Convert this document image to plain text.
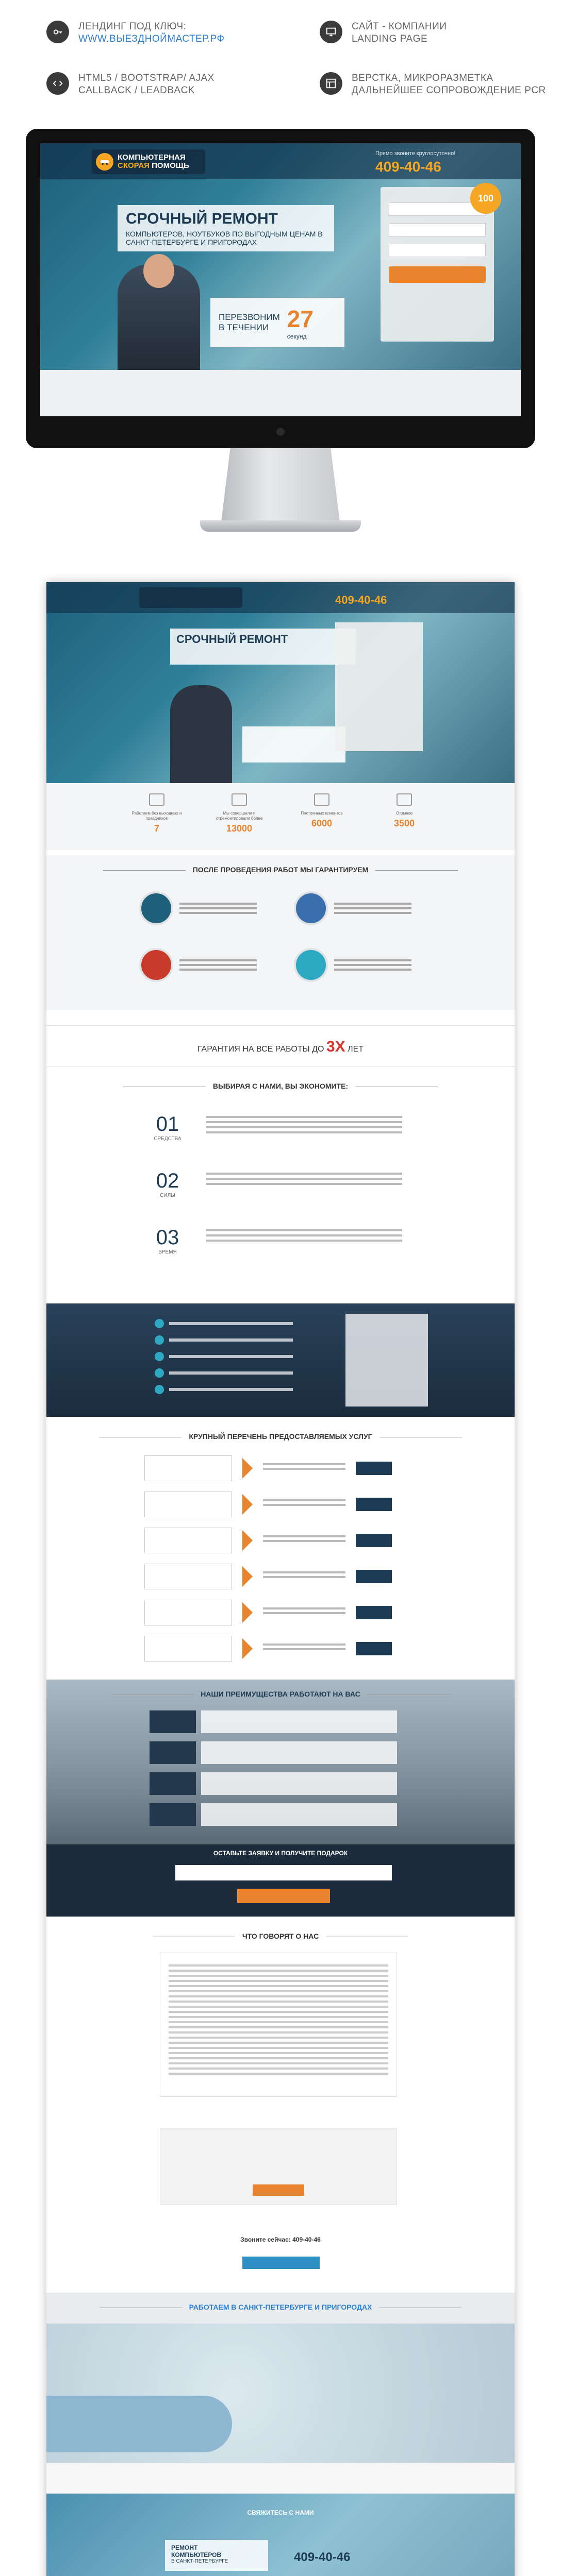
ЛЕНДИНГ ПОД КЛЮЧ:
WWW.ВЫЕЗДНОЙМАСТЕР.РФ
HTML5 / BOOTSTRAP/ AJAX
CALLBACK / LEADBACK
САЙТ - КОМПАНИИ
LANDING PAGE
ВЕРСТКА, МИКРОРАЗМЕТКА
ДАЛЬНЕЙШЕЕ СОПРОВОЖДЕНИЕ PCR
КОМПЬЮТЕРНАЯ
СКОРАЯ ПОМОЩЬ
Прямо звоните круглосуточно!
409-40-46
СРОЧНЫЙ РЕМОНТ

КОМПЬЮТЕРОВ, НОУТБУКОВ ПО ВЫГОДНЫМ ЦЕНАМ В САНКТ-ПЕТЕРБУРГЕ И ПРИГОРОДАХ

ПЕРЕЗВОНИМ
В ТЕЧЕНИИ 27
секунд
100
409-40-46
СРОЧНЫЙ РЕМОНТ
Работаем без выходных и праздников
7
Мы совершили и отремонтировали более
13000
Постоянных клиентов
6000
Отзывов
3500
ПОСЛЕ ПРОВЕДЕНИЯ РАБОТ МЫ ГАРАНТИРУЕМ
ГАРАНТИЯ НА ВСЕ РАБОТЫ ДО 3Х ЛЕТ
ВЫБИРАЯ С НАМИ, ВЫ ЭКОНОМИТЕ:
01
СРЕДСТВА
02
СИЛЫ
03
ВРЕМЯ
КРУПНЫЙ ПЕРЕЧЕНЬ ПРЕДОСТАВЛЯЕМЫХ УСЛУГ
НАШИ ПРЕИМУЩЕСТВА РАБОТАЮТ НА ВАС
ОСТАВЬТЕ ЗАЯВКУ И ПОЛУЧИТЕ ПОДАРОК
ЧТО ГОВОРЯТ О НАС
Звоните сейчас: 409-40-46
РАБОТАЕМ В САНКТ-ПЕТЕРБУРГЕ И ПРИГОРОДАХ
СВЯЖИТЕСЬ С НАМИ
РЕМОНТ
КОМПЬЮТЕРОВ
В САНКТ-ПЕТЕРБУРГЕ	409-40-46
